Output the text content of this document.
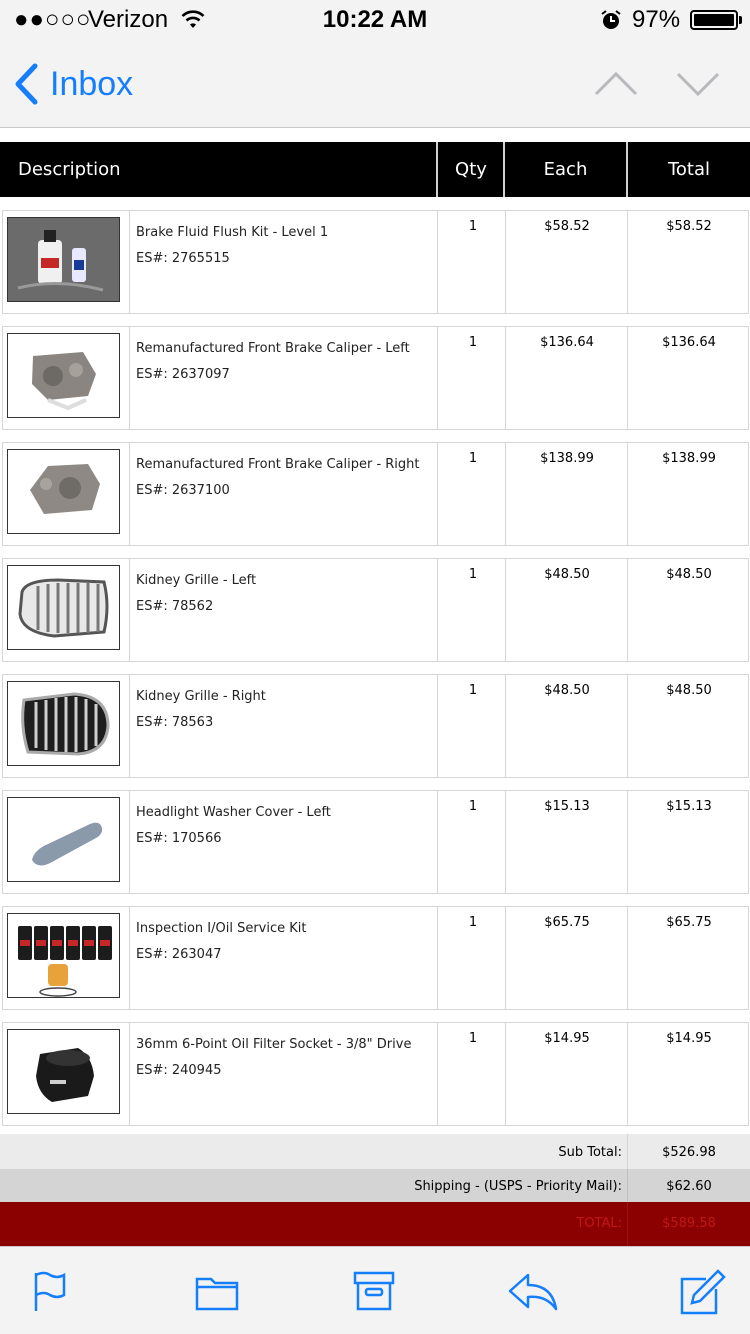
●●○○○
Verizon	10:22 AM	97%
Inbox
Description	Qty	Each	Total
Brake Fluid Flush Kit - Level 1
ES#: 2765515
1	$58.52	$58.52
Remanufactured Front Brake Caliper - Left
ES#: 2637097
1	$136.64	$136.64
Remanufactured Front Brake Caliper - Right
ES#: 2637100
1	$138.99	$138.99
Kidney Grille - Left
ES#: 78562
1	$48.50	$48.50
Kidney Grille - Right
ES#: 78563
1	$48.50	$48.50
Headlight Washer Cover - Left
ES#: 170566
1	$15.13	$15.13
Inspection I/Oil Service Kit
ES#: 263047
1	$65.75	$65.75
36mm 6-Point Oil Filter Socket - 3/8" Drive
ES#: 240945
1	$14.95	$14.95
Sub Total:	$526.98
Shipping - (USPS - Priority Mail):	$62.60
TOTAL:	$589.58
